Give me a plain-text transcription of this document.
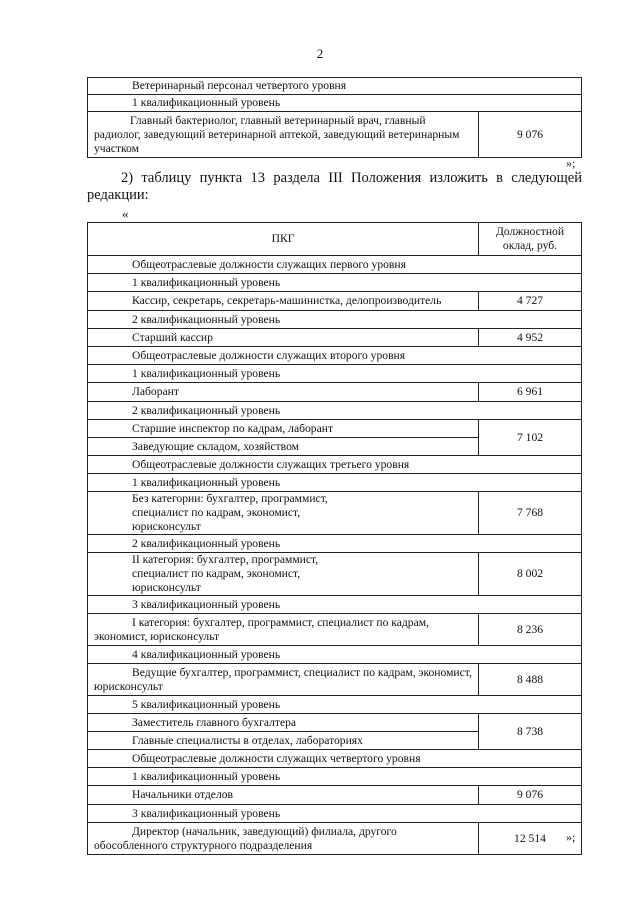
2
Ветеринарный персонал четвертого уровня
1 квалификационный уровень
Главный бактериолог, главный ветеринарный врач, главный радиолог, заведующий ветеринарной аптекой, заведующий ветеринарным участком	9 076
»;
2) таблицу пункта 13 раздела III Положения изложить в следующей редакции:
«
ПКГ	Должностной оклад, руб.
Общеотраслевые должности служащих первого уровня	
1 квалификационный уровень	
Кассир, секретарь, секретарь-машинистка, делопроизводитель	4 727
2 квалификационный уровень	
Старший кассир	4 952
Общеотраслевые должности служащих второго уровня	
1 квалификационный уровень	
Лаборант	6 961
2 квалификационный уровень	
Старшие инспектор по кадрам, лаборант	7 102
Заведующие складом, хозяйством	
Общеотраслевые должности служащих третьего уровня	
1 квалификационный уровень	
Без категории: бухгалтер, программист, специалист по кадрам, экономист, юрисконсульт	7 768
2 квалификационный уровень	
II категория: бухгалтер, программист, специалист по кадрам, экономист, юрисконсульт	8 002
3 квалификационный уровень	
I категория: бухгалтер, программист, специалист по кадрам, экономист, юрисконсульт	8 236
4 квалификационный уровень	
Ведущие бухгалтер, программист, специалист по кадрам, экономист, юрисконсульт	8 488
5 квалификационный уровень	
Заместитель главного бухгалтера	8 738
Главные специалисты в отделах, лабораториях	
Общеотраслевые должности служащих четвертого уровня	
1 квалификационный уровень	
Начальники отделов	9 076
3 квалификационный уровень	
Директор (начальник, заведующий) филиала, другого обособленного структурного подразделения	12 514 »;
